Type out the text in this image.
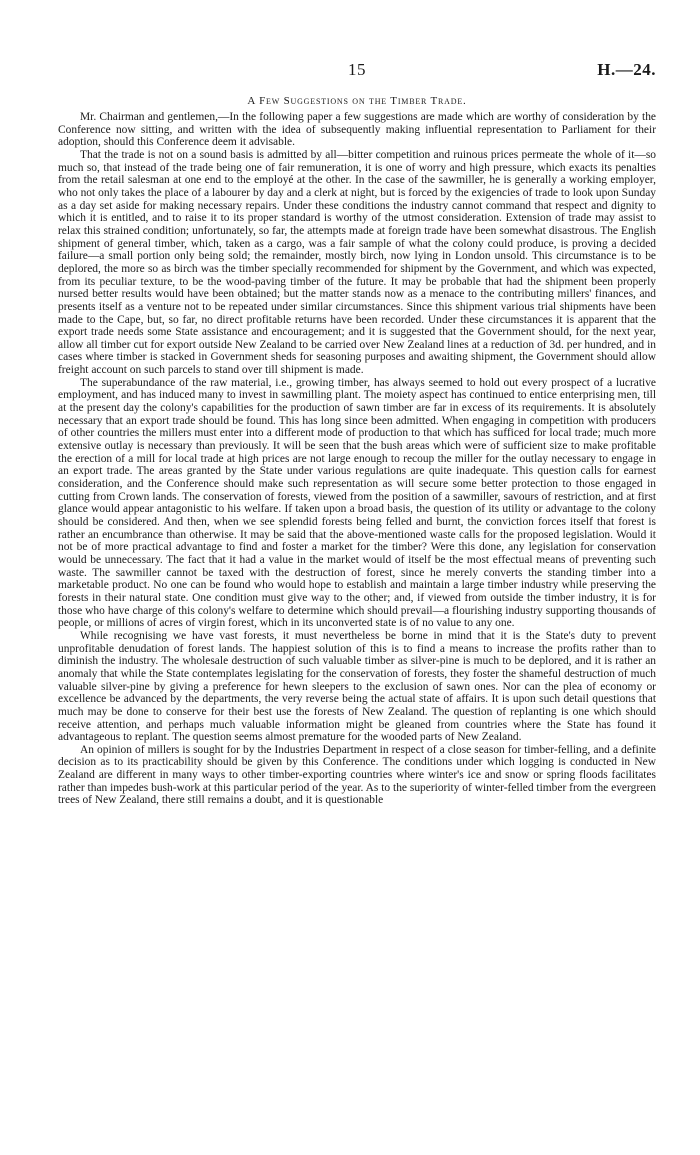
15	H.—24.
A Few Suggestions on the Timber Trade.

Mr. Chairman and gentlemen,—In the following paper a few suggestions are made which are worthy of consideration by the Conference now sitting, and written with the idea of subsequently making influential representation to Parliament for their adoption, should this Conference deem it advisable.

That the trade is not on a sound basis is admitted by all—bitter competition and ruinous prices permeate the whole of it—so much so, that instead of the trade being one of fair remuneration, it is one of worry and high pressure, which exacts its penalties from the retail salesman at one end to the employé at the other. In the case of the sawmiller, he is generally a working employer, who not only takes the place of a labourer by day and a clerk at night, but is forced by the exigencies of trade to look upon Sunday as a day set aside for making necessary repairs. Under these conditions the industry cannot command that respect and dignity to which it is entitled, and to raise it to its proper standard is worthy of the utmost consideration. Extension of trade may assist to relax this strained condition; unfortunately, so far, the attempts made at foreign trade have been somewhat disastrous. The English shipment of general timber, which, taken as a cargo, was a fair sample of what the colony could produce, is proving a decided failure—a small portion only being sold; the remainder, mostly birch, now lying in London unsold. This circumstance is to be deplored, the more so as birch was the timber specially recommended for shipment by the Government, and which was expected, from its peculiar texture, to be the wood-paving timber of the future. It may be probable that had the shipment been properly nursed better results would have been obtained; but the matter stands now as a menace to the contributing millers' finances, and presents itself as a venture not to be repeated under similar circumstances. Since this shipment various trial shipments have been made to the Cape, but, so far, no direct profitable returns have been recorded. Under these circumstances it is apparent that the export trade needs some State assistance and encouragement; and it is suggested that the Government should, for the next year, allow all timber cut for export outside New Zealand to be carried over New Zealand lines at a reduction of 3d. per hundred, and in cases where timber is stacked in Government sheds for seasoning purposes and awaiting shipment, the Government should allow freight account on such parcels to stand over till shipment is made.

The superabundance of the raw material, i.e., growing timber, has always seemed to hold out every prospect of a lucrative employment, and has induced many to invest in sawmilling plant. The moiety aspect has continued to entice enterprising men, till at the present day the colony's capabilities for the production of sawn timber are far in excess of its requirements. It is absolutely necessary that an export trade should be found. This has long since been admitted. When engaging in competition with producers of other countries the millers must enter into a different mode of production to that which has sufficed for local trade; much more extensive outlay is necessary than previously. It will be seen that the bush areas which were of sufficient size to make profitable the erection of a mill for local trade at high prices are not large enough to recoup the miller for the outlay necessary to engage in an export trade. The areas granted by the State under various regulations are quite inadequate. This question calls for earnest consideration, and the Conference should make such representation as will secure some better protection to those engaged in cutting from Crown lands. The conservation of forests, viewed from the position of a sawmiller, savours of restriction, and at first glance would appear antagonistic to his welfare. If taken upon a broad basis, the question of its utility or advantage to the colony should be considered. And then, when we see splendid forests being felled and burnt, the conviction forces itself that forest is rather an encumbrance than otherwise. It may be said that the above-mentioned waste calls for the proposed legislation. Would it not be of more practical advantage to find and foster a market for the timber? Were this done, any legislation for conservation would be unnecessary. The fact that it had a value in the market would of itself be the most effectual means of preventing such waste. The sawmiller cannot be taxed with the destruction of forest, since he merely converts the standing timber into a marketable product. No one can be found who would hope to establish and maintain a large timber industry while preserving the forests in their natural state. One condition must give way to the other; and, if viewed from outside the timber industry, it is for those who have charge of this colony's welfare to determine which should prevail—a flourishing industry supporting thousands of people, or millions of acres of virgin forest, which in its unconverted state is of no value to any one.

While recognising we have vast forests, it must nevertheless be borne in mind that it is the State's duty to prevent unprofitable denudation of forest lands. The happiest solution of this is to find a means to increase the profits rather than to diminish the industry. The wholesale destruction of such valuable timber as silver-pine is much to be deplored, and it is rather an anomaly that while the State contemplates legislating for the conservation of forests, they foster the shameful destruction of much valuable silver-pine by giving a preference for hewn sleepers to the exclusion of sawn ones. Nor can the plea of economy or excellence be advanced by the departments, the very reverse being the actual state of affairs. It is upon such detail questions that much may be done to conserve for their best use the forests of New Zealand. The question of replanting is one which should receive attention, and perhaps much valuable information might be gleaned from countries where the State has found it advantageous to replant. The question seems almost premature for the wooded parts of New Zealand.

An opinion of millers is sought for by the Industries Department in respect of a close season for timber-felling, and a definite decision as to its practicability should be given by this Conference. The conditions under which logging is conducted in New Zealand are different in many ways to other timber-exporting countries where winter's ice and snow or spring floods facilitates rather than impedes bush-work at this particular period of the year. As to the superiority of winter-felled timber from the evergreen trees of New Zealand, there still remains a doubt, and it is questionable
